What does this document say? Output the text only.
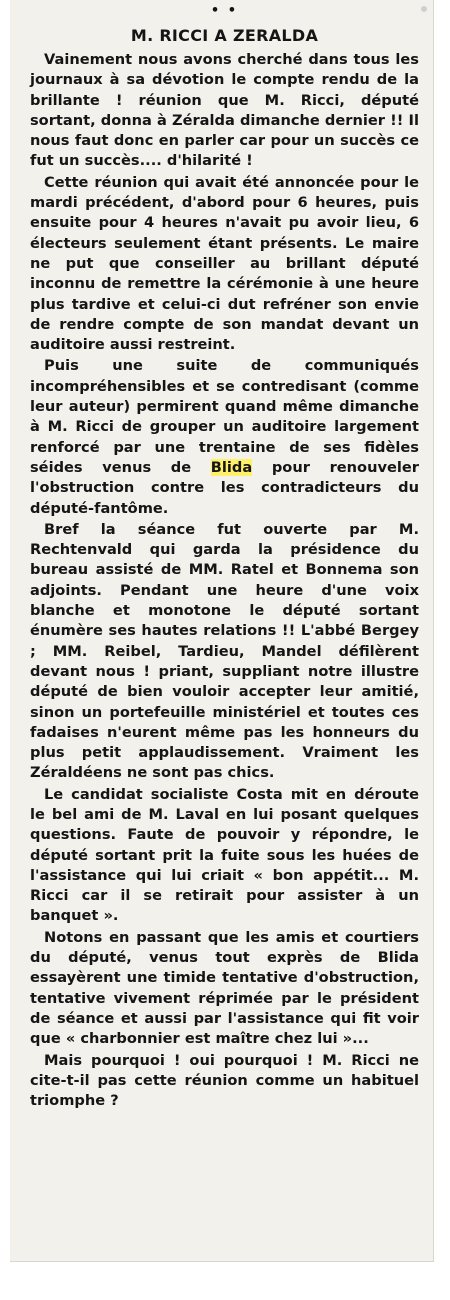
• •
M. RICCI A ZERALDA

Vainement nous avons cherché dans tous les journaux à sa dévotion le compte rendu de la brillante ! réunion que M. Ricci, député sortant, donna à Zéralda dimanche dernier !! Il nous faut donc en parler car pour un succès ce fut un succès.... d'hilarité !

Cette réunion qui avait été annoncée pour le mardi précédent, d'abord pour 6 heures, puis ensuite pour 4 heures n'avait pu avoir lieu, 6 électeurs seulement étant présents. Le maire ne put que conseiller au brillant député inconnu de remettre la cérémonie à une heure plus tardive et celui-ci dut refréner son envie de rendre compte de son mandat devant un auditoire aussi restreint.

Puis une suite de communiqués incompréhensibles et se contredisant (comme leur auteur) permirent quand même dimanche à M. Ricci de grouper un auditoire largement renforcé par une trentaine de ses fidèles séides venus de Blida pour renouveler l'obstruction contre les contradicteurs du député-fantôme.

Bref la séance fut ouverte par M. Rechtenvald qui garda la présidence du bureau assisté de MM. Ratel et Bonnema son adjoints. Pendant une heure d'une voix blanche et monotone le député sortant énumère ses hautes relations !! L'abbé Bergey ; MM. Reibel, Tardieu, Mandel défilèrent devant nous ! priant, suppliant notre illustre député de bien vouloir accepter leur amitié, sinon un portefeuille ministériel et toutes ces fadaises n'eurent même pas les honneurs du plus petit applaudissement. Vraiment les Zéraldéens ne sont pas chics.

Le candidat socialiste Costa mit en déroute le bel ami de M. Laval en lui posant quelques questions. Faute de pouvoir y répondre, le député sortant prit la fuite sous les huées de l'assistance qui lui criait « bon appétit... M. Ricci car il se retirait pour assister à un banquet ».

Notons en passant que les amis et courtiers du député, venus tout exprès de Blida essayèrent une timide tentative d'obstruction, tentative vivement réprimée par le président de séance et aussi par l'assistance qui fit voir que « charbonnier est maître chez lui »...

Mais pourquoi ! oui pourquoi ! M. Ricci ne cite-t-il pas cette réunion comme un habituel triomphe ?
